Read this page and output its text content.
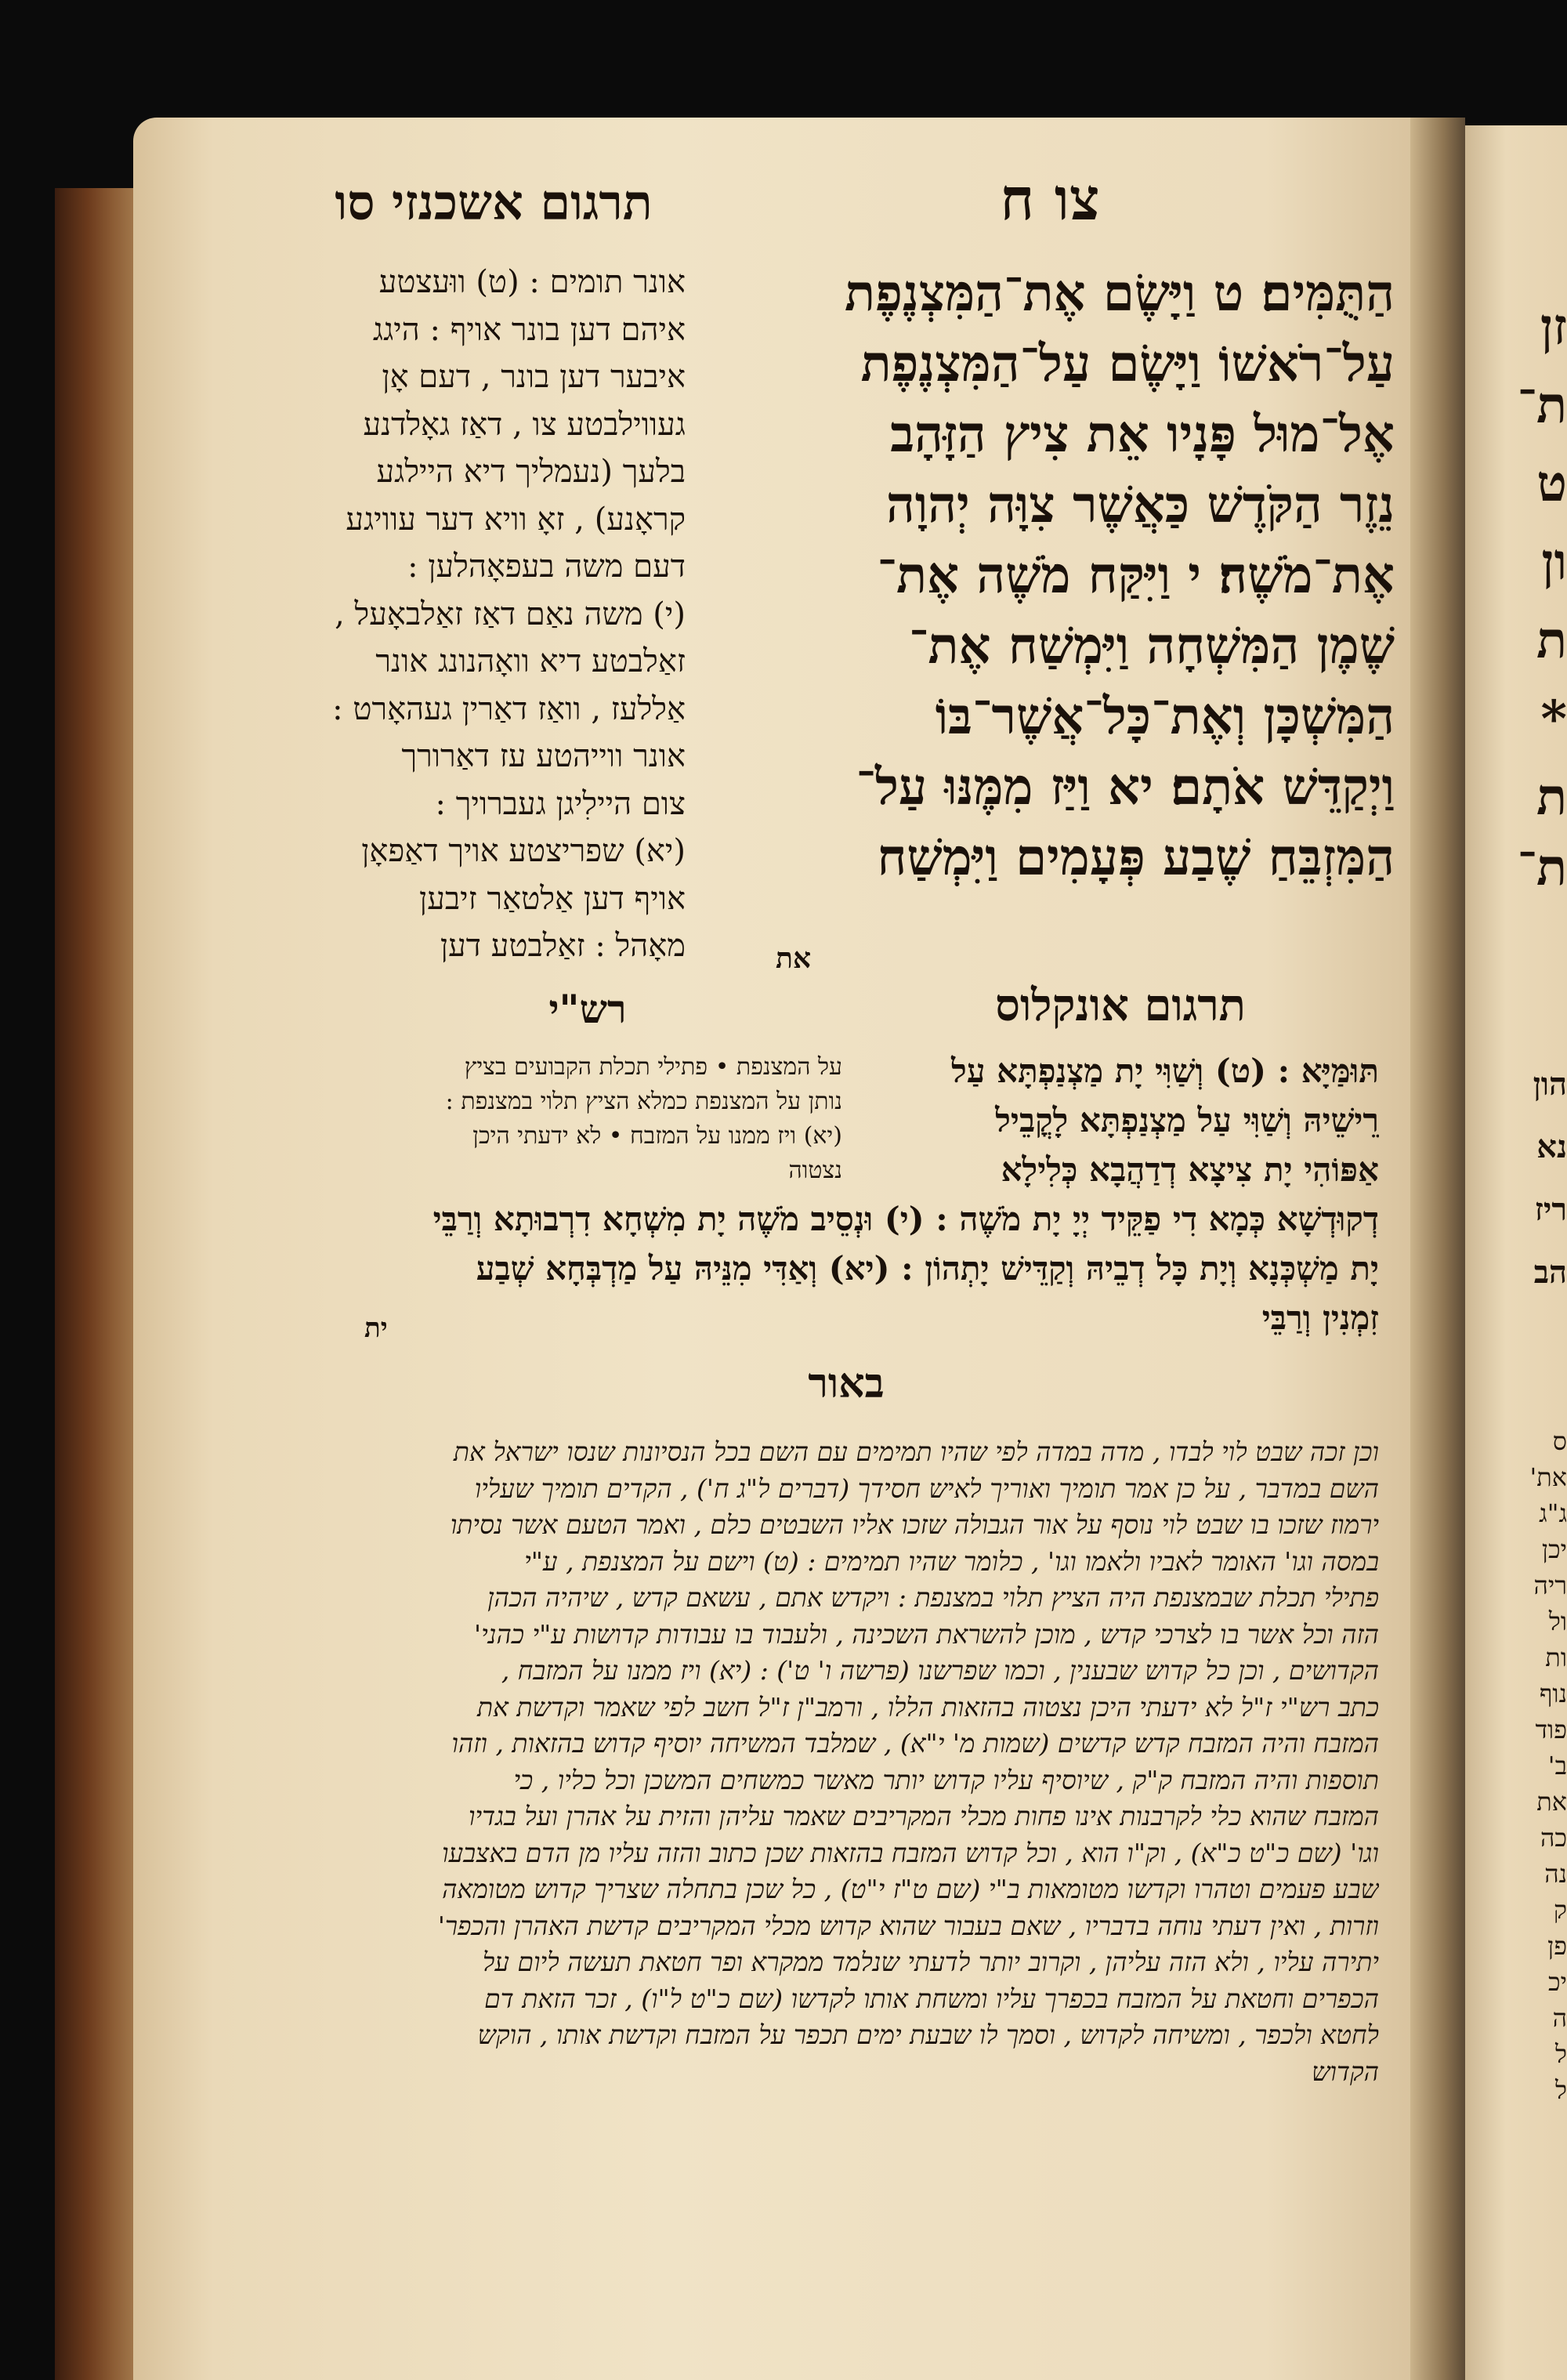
זן
ת־
ט
ון
ת
*
ת
ת־
הון
נא
ריז
הב
ס
את'
ג"ג
יכן
ריה
ול
ות
נוף
פוד
ב'
את
כה
נה
ק
פן
יכ
ה
ל
ל
תרגום אשכנזי סו	צו ח
הַתֻּמִּים׃ ט וַיָּשֶׂם אֶת־הַמִּצְנֶפֶת
עַל־רֹאשׁוֹ וַיָּשֶׂם עַל־הַמִּצְנֶפֶת
אֶל־מוּל פָּנָיו אֵת צִיץ הַזָּהָב
נֵזֶר הַקֹּדֶשׁ כַּאֲשֶׁר צִוָּה יְהוָה
אֶת־מֹשֶׁה׃ י וַיִּקַּח מֹשֶׁה אֶת־
שֶׁמֶן הַמִּשְׁחָה וַיִּמְשַׁח אֶת־
הַמִּשְׁכָּן וְאֶת־כָּל־אֲשֶׁר־בּוֹ
וַיְקַדֵּשׁ אֹתָם׃ יא וַיַּז מִמֶּנּוּ עַל־
הַמִּזְבֵּחַ שֶׁבַע פְּעָמִים וַיִּמְשַׁח
אונר תומים : (ט) ווּעצטע
איהם דען בונר אויף : היגג
איבער דען בונר , דעם אָן
געווילבטע צו , דאַז גאָלדנע
בלעך (נעמליך דיא היילגע
קראָנע) , זאָ וויא דער עוויגע
דעם משה בעפאָהלען :
(י) משה נאַם דאַז זאַלבאָעל ,
זאַלבטע דיא וואָהנונג אונר
אַללעז , וואַז דאַרין געהאָרט :
אונר ווייהטע עז דאַרורך
צום היילִיגן געברויך :
(יא) שפריצטע אויך דאַפאָן
אויף דען אַלטאַר זיבען
מאָהל : זאַלבטע דען	את
רש"י	תרגום אונקלוס
על המצנפת • פתילי תכלת הקבועים בציץ
נותן על המצנפת כמלא הציץ תלוי במצנפת :
(יא) ויז ממנו על המזבח • לא ידעתי היכן
נצטוה
תּוּמַּיָּא : (ט) וְשַׁוִּי יָת מַצְנַפְתָּא עַל
רֵישֵׁיהּ וְשַׁוִּי עַל מַצְנַפְתָּא לָקֳבֵיל
אַפּוֹהִי יָת צִיצָא דְדַהֲבָא כְּלִילָא
דְקוּדְשָׁא כְּמָא דִי פַקֵּיד יְיָ יָת מֹשֶׁה : (י) וּנְסֵיב מֹשֶׁה יָת מִשְׁחָא דִרְבוּתָא וְרַבֵּי
יָת מַשְׁכְּנָא וְיָת כָּל דְבֵיהּ וְקַדֵּישׁ יָתְהוֹן : (יא) וְאַדִּי מִנֵּיהּ עַל מַדְבְּחָא שְׁבַע
זִמְנִין וְרַבֵּי
ית
באור
וכן זכה שבט לוי לבדו , מדה במדה לפי שהיו תמימים עם השם בכל הנסיונות שנסו ישראל את
השם במדבר , על כן אמר תומיך ואוריך לאיש חסידך (דברים ל"ג ח') , הקדים תומיך שעליו
ירמוז שזכו בו שבט לוי נוסף על אור הגבולה שזכו אליו השבטים כלם , ואמר הטעם אשר נסיתו
במסה וגו' האומר לאביו ולאמו וגו' , כלומר שהיו תמימים : (ט) וישם על המצנפת , ע"י
פתילי תכלת שבמצנפת היה הציץ תלוי במצנפת : ויקדש אתם , עשאם קדש , שיהיה הכהן
הזה וכל אשר בו לצרכי קדש , מוכן להשראת השכינה , ולעבוד בו עבודות קדושות ע"י כהני'
הקדושים , וכן כל קדוש שבענין , וכמו שפרשנו (פרשה ו' ט') : (יא) ויז ממנו על המזבח ,
כתב רש"י ז"ל לא ידעתי היכן נצטוה בהזאות הללו , ורמב"ן ז"ל חשב לפי שאמר וקדשת את
המזבח והיה המזבח קדש קדשים (שמות מ' י"א) , שמלבד המשיחה יוסיף קדוש בהזאות , וזהו
תוספות והיה המזבח ק"ק , שיוסיף עליו קדוש יותר מאשר כמשחים המשכן וכל כליו , כי
המזבח שהוא כלי לקרבנות אינו פחות מכלי המקריבים שאמר עליהן והזית על אהרן ועל בגדיו
וגו' (שם כ"ט כ"א) , וק"ו הוא , וכל קדוש המזבח בהזאות שכן כתוב והזה עליו מן הדם באצבעו
שבע פעמים וטהרו וקדשו מטומאות ב"י (שם ט"ז י"ט) , כל שכן בתחלה שצריך קדוש מטומאה
וזרות , ואין דעתי נוחה בדבריו , שאם בעבור שהוא קדוש מכלי המקריבים קדשת האהרן והכפר'
יתירה עליו , ולא הזה עליהן , וקרוב יותר לדעתי שנלמד ממקרא ופר חטאת תעשה ליום על
הכפרים וחטאת על המזבח בכפרך עליו ומשחת אותו לקדשו (שם כ"ט ל"ו) , זכר הזאת דם
לחטא ולכפר , ומשיחה לקדוש , וסמך לו שבעת ימים תכפר על המזבח וקדשת אותו , הוקש
הקדוש
